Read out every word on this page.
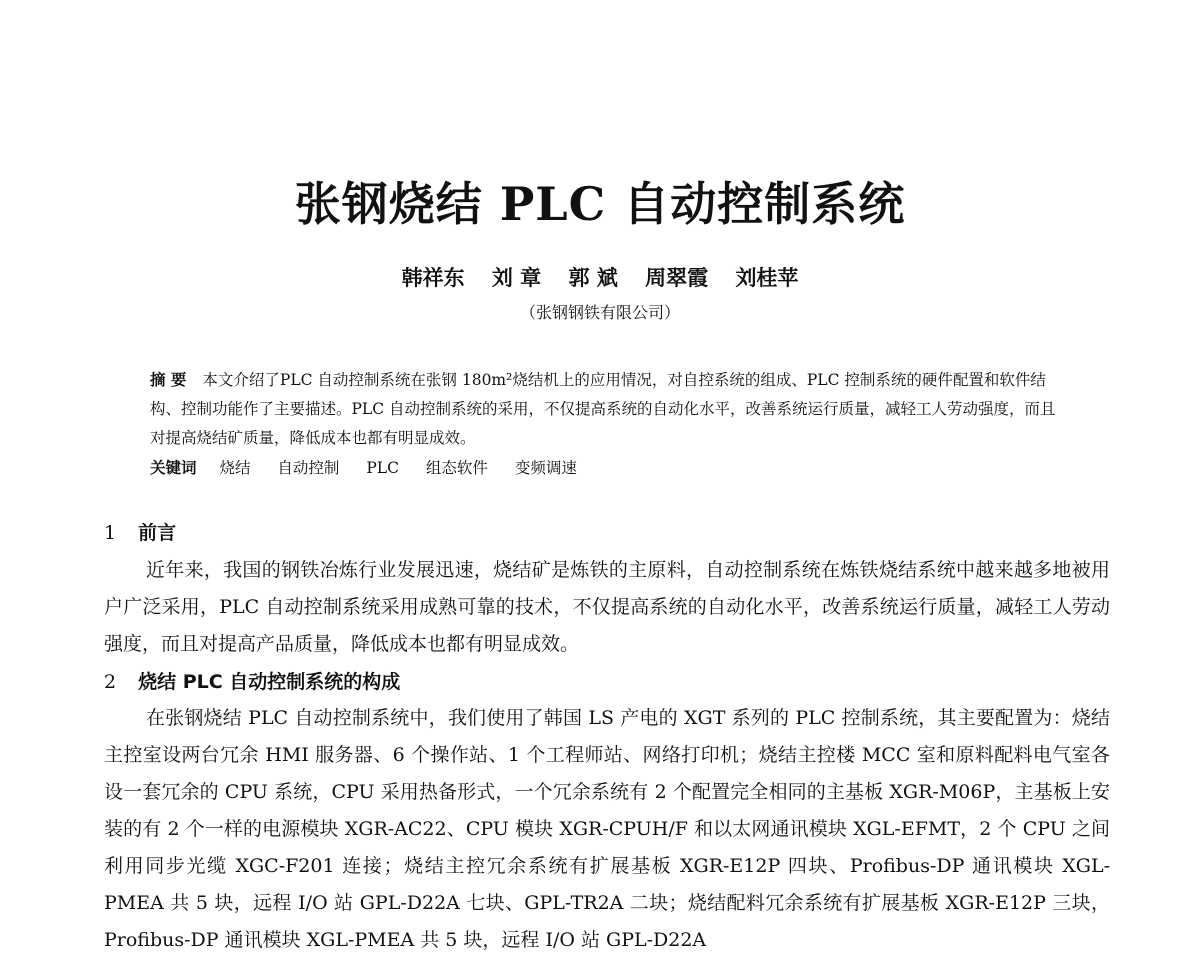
张钢烧结 PLC 自动控制系统
韩祥东 刘 章 郭 斌 周翠霞 刘桂苹
（张钢钢铁有限公司）

摘 要 本文介绍了PLC 自动控制系统在张钢 180m²烧结机上的应用情况，对自控系统的组成、PLC 控制系统的硬件配置和软件结构、控制功能作了主要描述。PLC 自动控制系统的采用，不仅提高系统的自动化水平，改善系统运行质量，减轻工人劳动强度，而且对提高烧结矿质量，降低成本也都有明显成效。

关键词 烧结 自动控制 PLC 组态软件 变频调速
1 前言

近年来，我国的钢铁冶炼行业发展迅速，烧结矿是炼铁的主原料，自动控制系统在炼铁烧结系统中越来越多地被用户广泛采用，PLC 自动控制系统采用成熟可靠的技术，不仅提高系统的自动化水平，改善系统运行质量，减轻工人劳动强度，而且对提高产品质量，降低成本也都有明显成效。

2 烧结 PLC 自动控制系统的构成

在张钢烧结 PLC 自动控制系统中，我们使用了韩国 LS 产电的 XGT 系列的 PLC 控制系统，其主要配置为：烧结主控室设两台冗余 HMI 服务器、6 个操作站、1 个工程师站、网络打印机；烧结主控楼 MCC 室和原料配料电气室各设一套冗余的 CPU 系统，CPU 采用热备形式，一个冗余系统有 2 个配置完全相同的主基板 XGR-M06P，主基板上安装的有 2 个一样的电源模块 XGR-AC22、CPU 模块 XGR-CPUH/F 和以太网通讯模块 XGL-EFMT，2 个 CPU 之间利用同步光缆 XGC-F201 连接；烧结主控冗余系统有扩展基板 XGR-E12P 四块、Profibus-DP 通讯模块 XGL-PMEA 共 5 块，远程 I/O 站 GPL-D22A 七块、GPL-TR2A 二块；烧结配料冗余系统有扩展基板 XGR-E12P 三块，Profibus-DP 通讯模块 XGL-PMEA 共 5 块，远程 I/O 站 GPL-D22A
